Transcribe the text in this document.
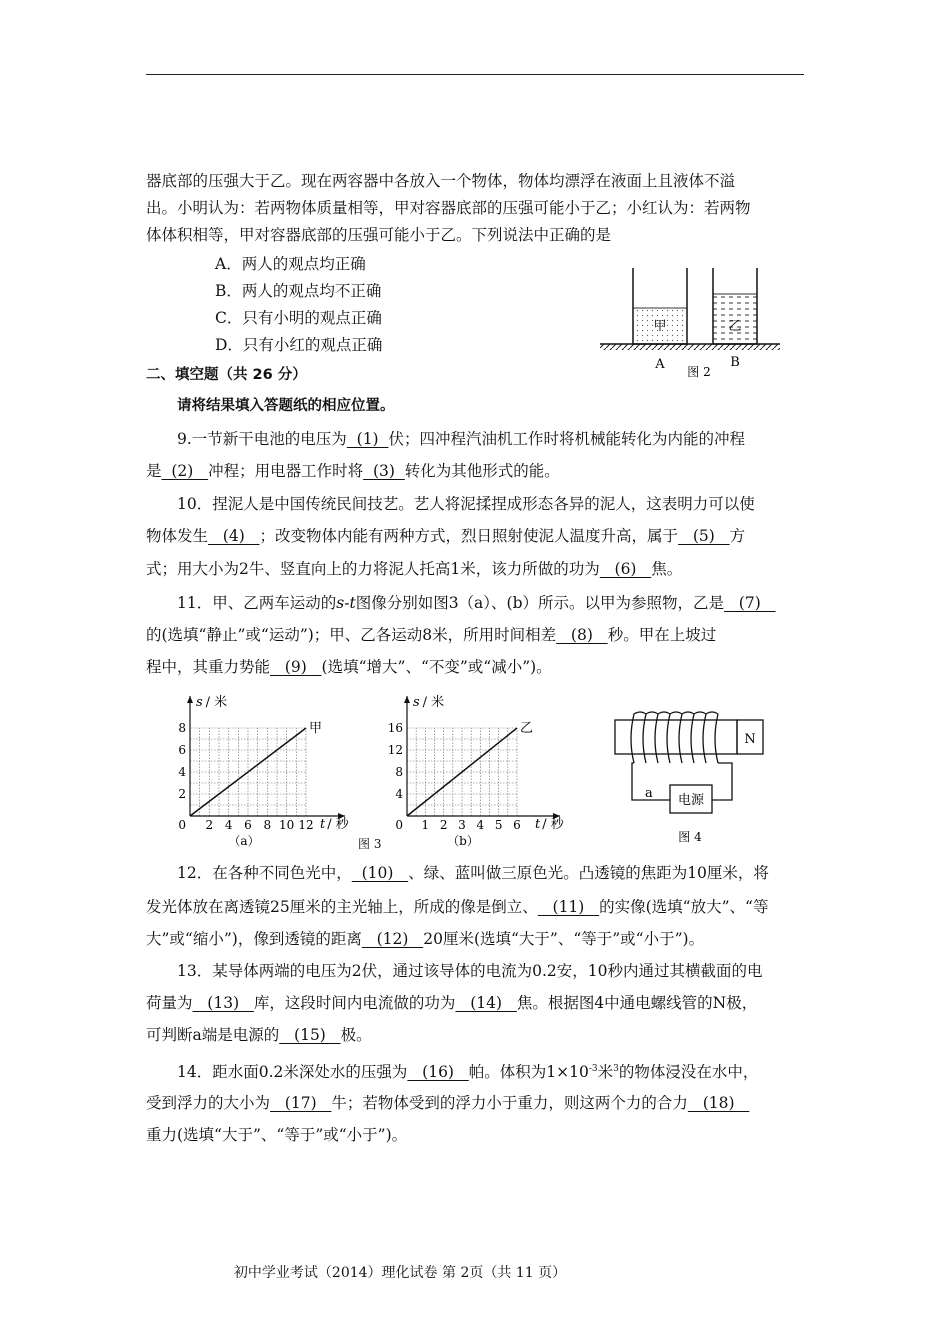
器底部的压强大于乙。现在两容器中各放入一个物体，物体均漂浮在液面上且液体不溢

出。小明认为：若两物体质量相等，甲对容器底部的压强可能小于乙；小红认为：若两物

体体积相等，甲对容器底部的压强可能小于乙。下列说法中正确的是

A．两人的观点均正确

B．两人的观点均不正确

C．只有小明的观点正确

D．只有小红的观点正确

甲	乙
A	B
图 2

二、填空题（共 26 分）

请将结果填入答题纸的相应位置。

9.一节新干电池的电压为  (1)  伏；四冲程汽油机工作时将机械能转化为内能的冲程

是  (2)   冲程；用电器工作时将  (3)  转化为其他形式的能。

10．捏泥人是中国传统民间技艺。艺人将泥揉捏成形态各异的泥人，这表明力可以使

物体发生   (4)   ；改变物体内能有两种方式，烈日照射使泥人温度升高，属于   (5)   方

式；用大小为2牛、竖直向上的力将泥人托高1米，该力所做的功为   (6)   焦。

11．甲、乙两车运动的s-t图像分别如图3（a）、(b）所示。以甲为参照物，乙是   (7)

的(选填“静止”或“运动”)；甲、乙各运动8米，所用时间相差   (8)   秒。甲在上坡过

程中，其重力势能   (9)   (选填“增大”、“不变”或“减小”)。

2 4 6 8 10 12
8
6
4
2
0
s / 米
t / 秒
甲
（a）
1 2 3 4 5 6
16
12
8
4
0
s / 米
t / 秒
乙
（b）
图 3
N
电源
a
图 4

12．在各种不同色光中，  (10)   、绿、蓝叫做三原色光。凸透镜的焦距为10厘米，将

发光体放在离透镜25厘米的主光轴上，所成的像是倒立、   (11)   的实像(选填“放大”、“等

大”或“缩小”)，像到透镜的距离   (12)   20厘米(选填“大于”、“等于”或“小于”)。

13．某导体两端的电压为2伏，通过该导体的电流为0.2安，10秒内通过其横截面的电

荷量为   (13)   库，这段时间内电流做的功为   (14)   焦。根据图4中通电螺线管的N极，

可判断a端是电源的   (15)   极。

14．距水面0.2米深处水的压强为   (16)   帕。体积为$1\times 10^{-3}$米$^3$的物体浸没在水中，

受到浮力的大小为   (17)   牛；若物体受到的浮力小于重力，则这两个力的合力   (18)

重力(选填“大于”、“等于”或“小于”)。

初中学业考试（2014）理化试卷 第 2页（共 11 页）
